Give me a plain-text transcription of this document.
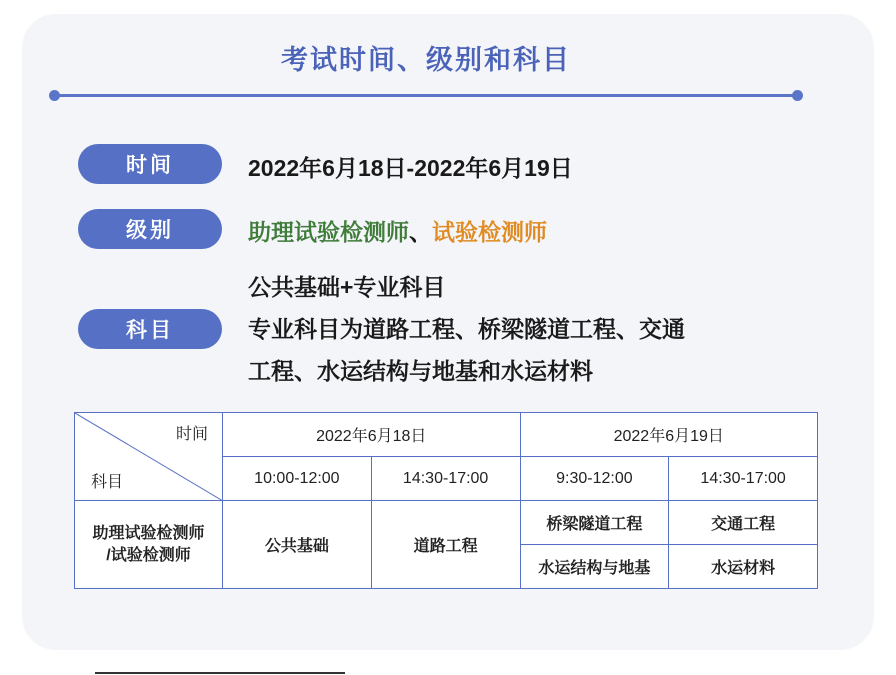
考试时间、级别和科目
时间	2022年6月18日-2022年6月19日
级别	助理试验检测师、试验检测师
科目
公共基础+专业科目
专业科目为道路工程、桥梁隧道工程、交通
工程、水运结构与地基和水运材料
时间
科目	2022年6月18日		2022年6月19日	
	10:00-12:00	14:30-17:00	9:30-12:00	14:30-17:00

助理试验检测师
/试验检测师	公共基础	道路工程	桥梁隧道工程	交通工程
			水运结构与地基	水运材料
